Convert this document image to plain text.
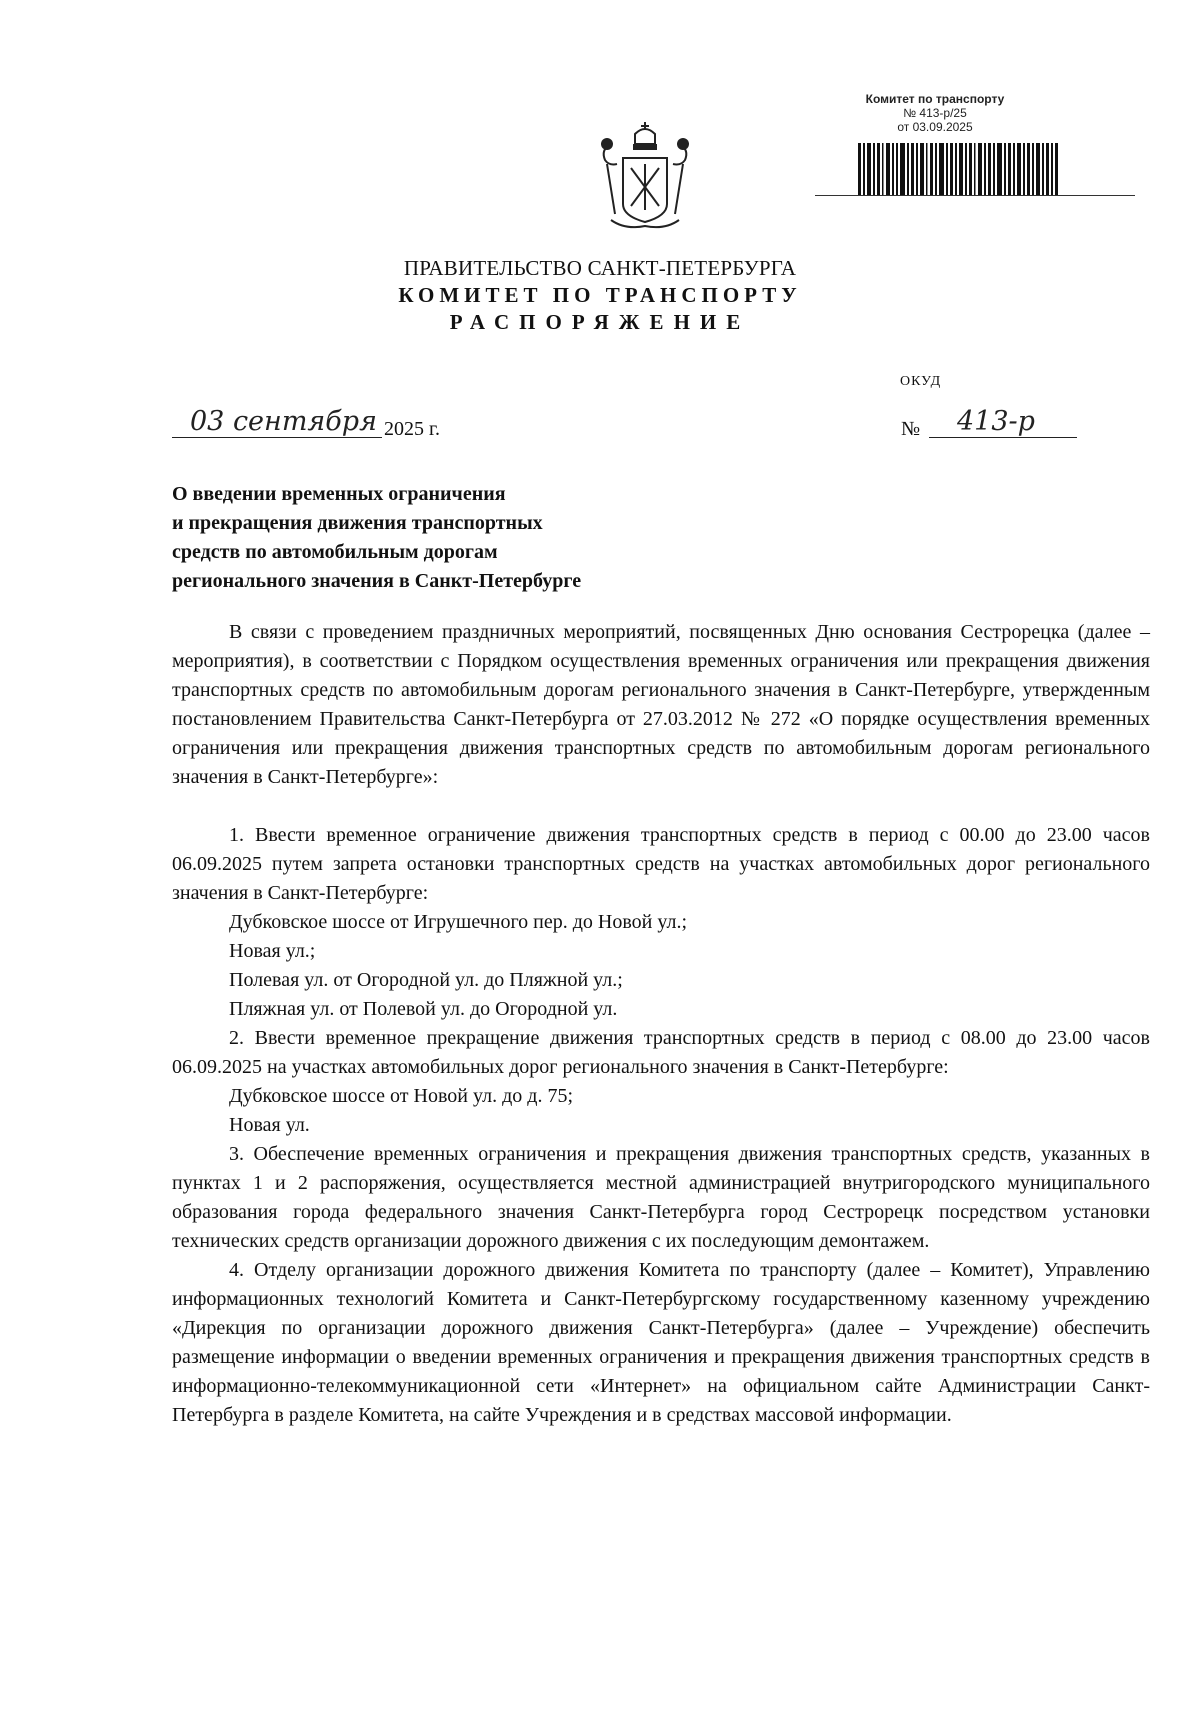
Комитет по транспорту
№ 413-р/25
от 03.09.2025
ПРАВИТЕЛЬСТВО САНКТ-ПЕТЕРБУРГА
КОМИТЕТ ПО ТРАНСПОРТУ
РАСПОРЯЖЕНИЕ
ОКУД
03 сентября 2025 г.	№	413-р
О введении временных ограничения
и прекращения движения транспортных
средств по автомобильным дорогам
регионального значения в Санкт-Петербурге

В связи с проведением праздничных мероприятий, посвященных Дню основания Сестрорецка (далее – мероприятия), в соответствии с Порядком осуществления временных ограничения или прекращения движения транспортных средств по автомобильным дорогам регионального значения в Санкт-Петербурге, утвержденным постановлением Правительства Санкт-Петербурга от 27.03.2012 № 272 «О порядке осуществления временных ограничения или прекращения движения транспортных средств по автомобильным дорогам регионального значения в Санкт-Петербурге»:

1. Ввести временное ограничение движения транспортных средств в период с 00.00 до 23.00 часов 06.09.2025 путем запрета остановки транспортных средств на участках автомобильных дорог регионального значения в Санкт-Петербурге:

Дубковское шоссе от Игрушечного пер. до Новой ул.;

Новая ул.;

Полевая ул. от Огородной ул. до Пляжной ул.;

Пляжная ул. от Полевой ул. до Огородной ул.

2. Ввести временное прекращение движения транспортных средств в период с 08.00 до 23.00 часов 06.09.2025 на участках автомобильных дорог регионального значения в Санкт-Петербурге:

Дубковское шоссе от Новой ул. до д. 75;

Новая ул.

3. Обеспечение временных ограничения и прекращения движения транспортных средств, указанных в пунктах 1 и 2 распоряжения, осуществляется местной администрацией внутригородского муниципального образования города федерального значения Санкт-Петербурга город Сестрорецк посредством установки технических средств организации дорожного движения с их последующим демонтажем.

4. Отделу организации дорожного движения Комитета по транспорту (далее – Комитет), Управлению информационных технологий Комитета и Санкт-Петербургскому государственному казенному учреждению «Дирекция по организации дорожного движения Санкт-Петербурга» (далее – Учреждение) обеспечить размещение информации о введении временных ограничения и прекращения движения транспортных средств в информационно-телекоммуникационной сети «Интернет» на официальном сайте Администрации Санкт-Петербурга в разделе Комитета, на сайте Учреждения и в средствах массовой информации.
